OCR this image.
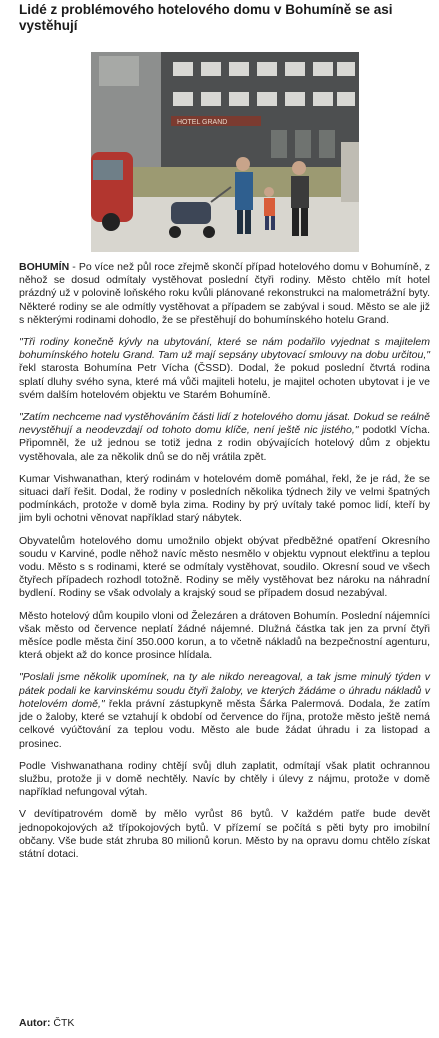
Lidé z problémového hotelového domu v Bohumíně se asi vystěhují
HOTEL GRAND

BOHUMÍN - Po více než půl roce zřejmě skončí případ hotelového domu v Bohumíně, z něhož se dosud odmítaly vystěhovat poslední čtyři rodiny. Město chtělo mít hotel prázdný už v polovině loňského roku kvůli plánované rekonstrukci na malometrážní byty. Některé rodiny se ale odmítly vystěhovat a případem se zabýval i soud. Město se ale již s některými rodinami dohodlo, že se přestěhují do bohumínského hotelu Grand.

"Tři rodiny konečně kývly na ubytování, které se nám podařilo vyjednat s majitelem bohumínského hotelu Grand. Tam už mají sepsány ubytovací smlouvy na dobu určitou," řekl starosta Bohumína Petr Vícha (ČSSD). Dodal, že pokud poslední čtvrtá rodina splatí dluhy svého syna, které má vůči majiteli hotelu, je majitel ochoten ubytovat i je ve svém dalším hotelovém objektu ve Starém Bohumíně.

"Zatím nechceme nad vystěhováním části lidí z hotelového domu jásat. Dokud se reálně nevystěhují a neodevzdají od tohoto domu klíče, není ještě nic jistého," podotkl Vícha. Připomněl, že už jednou se totiž jedna z rodin obývajících hotelový dům z objektu vystěhovala, ale za několik dnů se do něj vrátila zpět.

Kumar Vishwanathan, který rodinám v hotelovém domě pomáhal, řekl, že je rád, že se situaci daří řešit. Dodal, že rodiny v posledních několika týdnech žily ve velmi špatných podmínkách, protože v domě byla zima. Rodiny by prý uvítaly také pomoc lidí, kteří by jim byli ochotni věnovat například starý nábytek.

Obyvatelům hotelového domu umožnilo objekt obývat předběžné opatření Okresního soudu v Karviné, podle něhož navíc město nesmělo v objektu vypnout elektřinu a teplou vodu. Město s s rodinami, které se odmítaly vystěhovat, soudilo. Okresní soud ve všech čtyřech případech rozhodl totožně. Rodiny se měly vystěhovat bez nároku na náhradní bydlení. Rodiny se však odvolaly a krajský soud se případem dosud nezabýval.

Město hotelový dům koupilo vloni od Železáren a drátoven Bohumín. Poslední nájemníci však město od července neplatí žádné nájemné. Dlužná částka tak jen za první čtyři měsíce podle města činí 350.000 korun, a to včetně nákladů na bezpečnostní agenturu, která objekt až do konce prosince hlídala.

"Poslali jsme několik upomínek, na ty ale nikdo nereagoval, a tak jsme minulý týden v pátek podali ke karvinskému soudu čtyři žaloby, ve kterých žádáme o úhradu nákladů v hotelovém domě," řekla právní zástupkyně města Šárka Palermová. Dodala, že zatím jde o žaloby, které se vztahují k období od července do října, protože město ještě nemá celkové vyúčtování za teplou vodu. Město ale bude žádat úhradu i za listopad a prosinec.

Podle Vishwanathana rodiny chtějí svůj dluh zaplatit, odmítají však platit ochrannou službu, protože ji v domě nechtěly. Navíc by chtěly i úlevy z nájmu, protože v domě například nefungoval výtah.

V devítipatrovém domě by mělo vyrůst 86 bytů. V každém patře bude devět jednopokojových až třípokojových bytů. V přízemí se počítá s pěti byty pro imobilní občany. Vše bude stát zhruba 80 milionů korun. Město by na opravu domu chtělo získat státní dotaci.

Autor: ČTK
